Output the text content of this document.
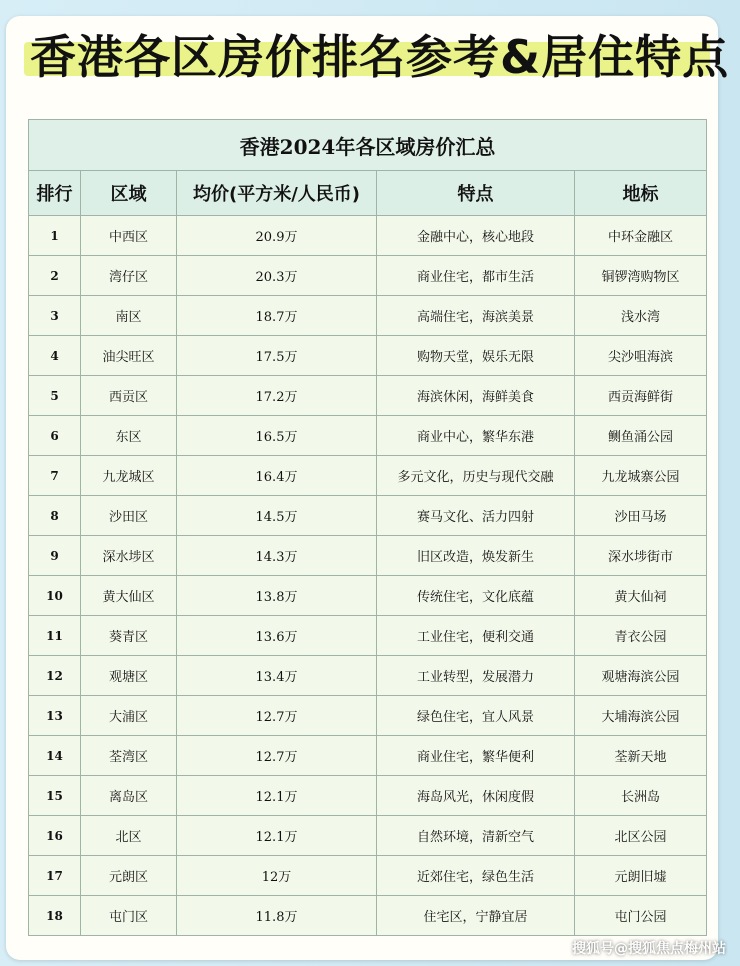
香港各区房价排名参考&居住特点
香港2024年各区域房价汇总				
排行	区域	均价(平方米/人民币)	特点	地标
1	中西区	20.9万	金融中心，核心地段	中环金融区
2	湾仔区	20.3万	商业住宅，都市生活	铜锣湾购物区
3	南区	18.7万	高端住宅，海滨美景	浅水湾
4	油尖旺区	17.5万	购物天堂，娱乐无限	尖沙咀海滨
5	西贡区	17.2万	海滨休闲，海鲜美食	西贡海鲜街
6	东区	16.5万	商业中心，繁华东港	鲗鱼涌公园
7	九龙城区	16.4万	多元文化，历史与现代交融	九龙城寨公园
8	沙田区	14.5万	赛马文化、活力四射	沙田马场
9	深水埗区	14.3万	旧区改造，焕发新生	深水埗街市
10	黄大仙区	13.8万	传统住宅，文化底蕴	黄大仙祠
11	葵青区	13.6万	工业住宅，便利交通	青衣公园
12	观塘区	13.4万	工业转型，发展潜力	观塘海滨公园
13	大浦区	12.7万	绿色住宅，宜人风景	大埔海滨公园
14	荃湾区	12.7万	商业住宅，繁华便利	荃新天地
15	离岛区	12.1万	海岛风光，休闲度假	长洲岛
16	北区	12.1万	自然环境，清新空气	北区公园
17	元朗区	12万	近郊住宅，绿色生活	元朗旧墟
18	屯门区	11.8万	住宅区，宁静宜居	屯门公园
搜狐号@搜狐焦点梅州站
